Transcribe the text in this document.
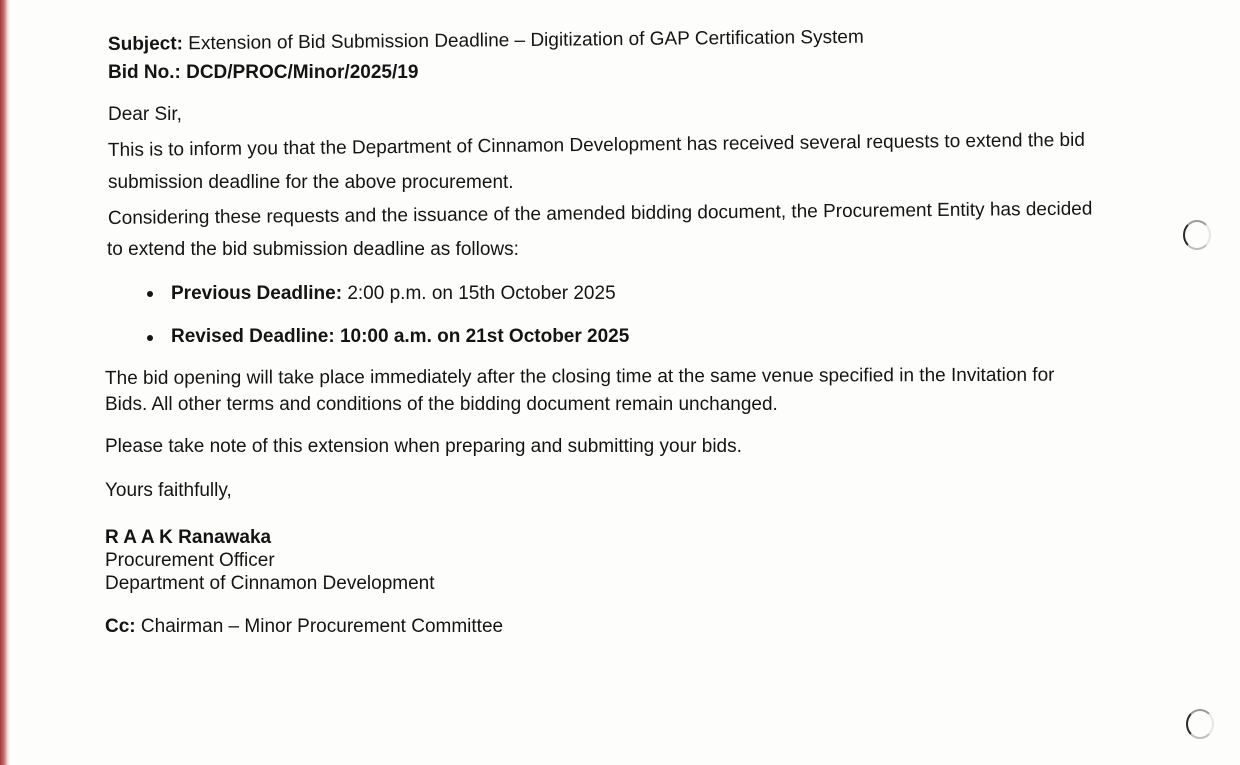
Subject: Extension of Bid Submission Deadline – Digitization of GAP Certification System
Bid No.: DCD/PROC/Minor/2025/19
Dear Sir,
This is to inform you that the Department of Cinnamon Development has received several requests to extend the bid
submission deadline for the above procurement.
Considering these requests and the issuance of the amended bidding document, the Procurement Entity has decided
to extend the bid submission deadline as follows:
Previous Deadline: 2:00 p.m. on 15th October 2025
Revised Deadline: 10:00 a.m. on 21st October 2025
The bid opening will take place immediately after the closing time at the same venue specified in the Invitation for
Bids. All other terms and conditions of the bidding document remain unchanged.
Please take note of this extension when preparing and submitting your bids.
Yours faithfully,
R A A K Ranawaka
Procurement Officer
Department of Cinnamon Development
Cc: Chairman – Minor Procurement Committee
